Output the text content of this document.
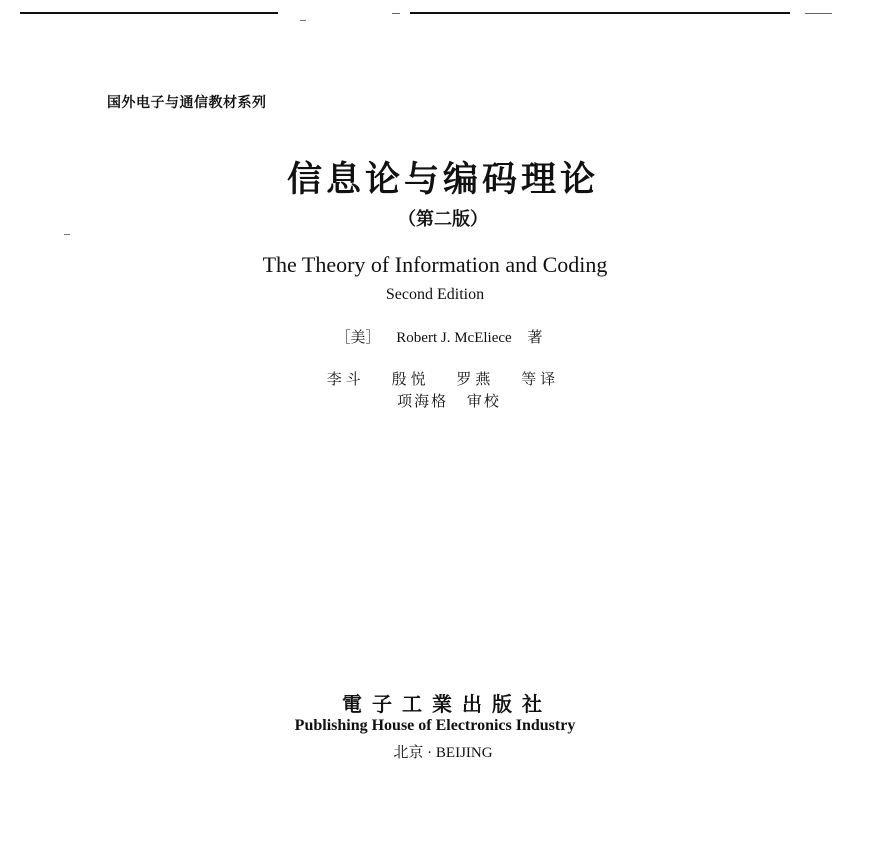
国外电子与通信教材系列
信息论与编码理论
（第二版）
The Theory of Information and Coding
Second Edition
［美］ Robert J. McEliece 著
李斗 殷悦 罗燕 等译
项海格 审校
電子工業出版社
Publishing House of Electronics Industry
北京 · BEIJING
